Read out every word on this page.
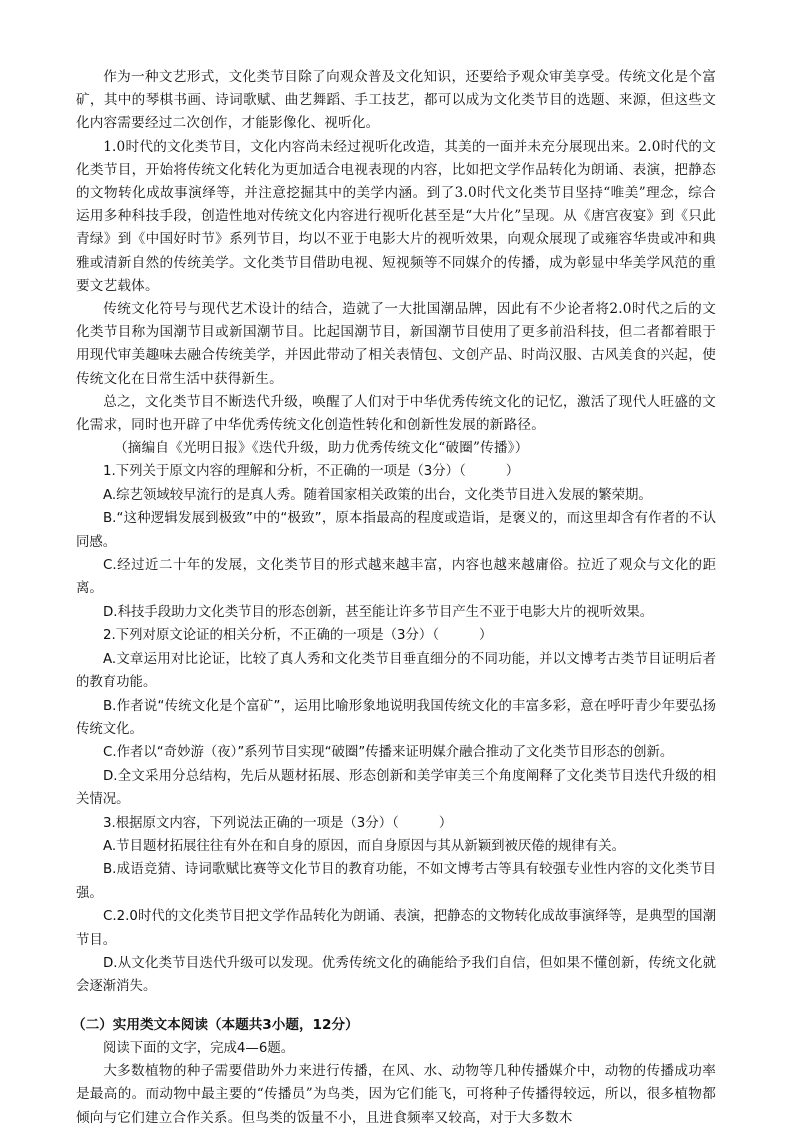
作为一种文艺形式，文化类节目除了向观众普及文化知识，还要给予观众审美享受。传统文化是个富矿，其中的琴棋书画、诗词歌赋、曲艺舞蹈、手工技艺，都可以成为文化类节目的选题、来源，但这些文化内容需要经过二次创作，才能影像化、视听化。

1.0时代的文化类节目，文化内容尚未经过视听化改造，其美的一面并未充分展现出来。2.0时代的文化类节目，开始将传统文化转化为更加适合电视表现的内容，比如把文学作品转化为朗诵、表演，把静态的文物转化成故事演绎等，并注意挖掘其中的美学内涵。到了3.0时代文化类节目坚持“唯美”理念，综合运用多种科技手段，创造性地对传统文化内容进行视听化甚至是“大片化”呈现。从《唐宫夜宴》到《只此青绿》到《中国好时节》系列节目，均以不亚于电影大片的视听效果，向观众展现了或雍容华贵或冲和典雅或清新自然的传统美学。文化类节目借助电视、短视频等不同媒介的传播，成为彰显中华美学风范的重要文艺载体。

传统文化符号与现代艺术设计的结合，造就了一大批国潮品牌，因此有不少论者将2.0时代之后的文化类节目称为国潮节目或新国潮节目。比起国潮节目，新国潮节目使用了更多前沿科技，但二者都着眼于用现代审美趣味去融合传统美学，并因此带动了相关表情包、文创产品、时尚汉服、古风美食的兴起，使传统文化在日常生活中获得新生。

总之，文化类节目不断迭代升级，唤醒了人们对于中华优秀传统文化的记忆，激活了现代人旺盛的文化需求，同时也开辟了中华优秀传统文化创造性转化和创新性发展的新路径。

（摘编自《光明日报》《迭代升级，助力优秀传统文化“破圈”传播》）

1.下列关于原文内容的理解和分析，不正确的一项是（3分）（	）

A.综艺领域较早流行的是真人秀。随着国家相关政策的出台，文化类节目进入发展的繁荣期。

B.“这种逻辑发展到极致”中的“极致”，原本指最高的程度或造诣，是褒义的，而这里却含有作者的不认同感。

C.经过近二十年的发展，文化类节目的形式越来越丰富，内容也越来越庸俗。拉近了观众与文化的距离。

D.科技手段助力文化类节目的形态创新，甚至能让许多节目产生不亚于电影大片的视听效果。

2.下列对原文论证的相关分析，不正确的一项是（3分）（	）

A.文章运用对比论证，比较了真人秀和文化类节目垂直细分的不同功能，并以文博考古类节目证明后者的教育功能。

B.作者说“传统文化是个富矿”，运用比喻形象地说明我国传统文化的丰富多彩，意在呼吁青少年要弘扬传统文化。

C.作者以“奇妙游（夜）”系列节目实现“破圈”传播来证明媒介融合推动了文化类节目形态的创新。

D.全文采用分总结构，先后从题材拓展、形态创新和美学审美三个角度阐释了文化类节目迭代升级的相关情况。

3.根据原文内容，下列说法正确的一项是（3分）（	）

A.节目题材拓展往往有外在和自身的原因，而自身原因与其从新颖到被厌倦的规律有关。

B.成语竞猜、诗词歌赋比赛等文化节目的教育功能，不如文博考古等具有较强专业性内容的文化类节目强。

C.2.0时代的文化类节目把文学作品转化为朗诵、表演，把静态的文物转化成故事演绎等，是典型的国潮节目。

D.从文化类节目迭代升级可以发现。优秀传统文化的确能给予我们自信，但如果不懂创新，传统文化就会逐渐消失。

（二）实用类文本阅读（本题共3小题，12分）

阅读下面的文字，完成4—6题。

大多数植物的种子需要借助外力来进行传播，在风、水、动物等几种传播媒介中，动物的传播成功率是最高的。而动物中最主要的“传播员”为鸟类，因为它们能飞，可将种子传播得较远，所以，很多植物都倾向与它们建立合作关系。但鸟类的饭量不小，且进食频率又较高，对于大多数木
